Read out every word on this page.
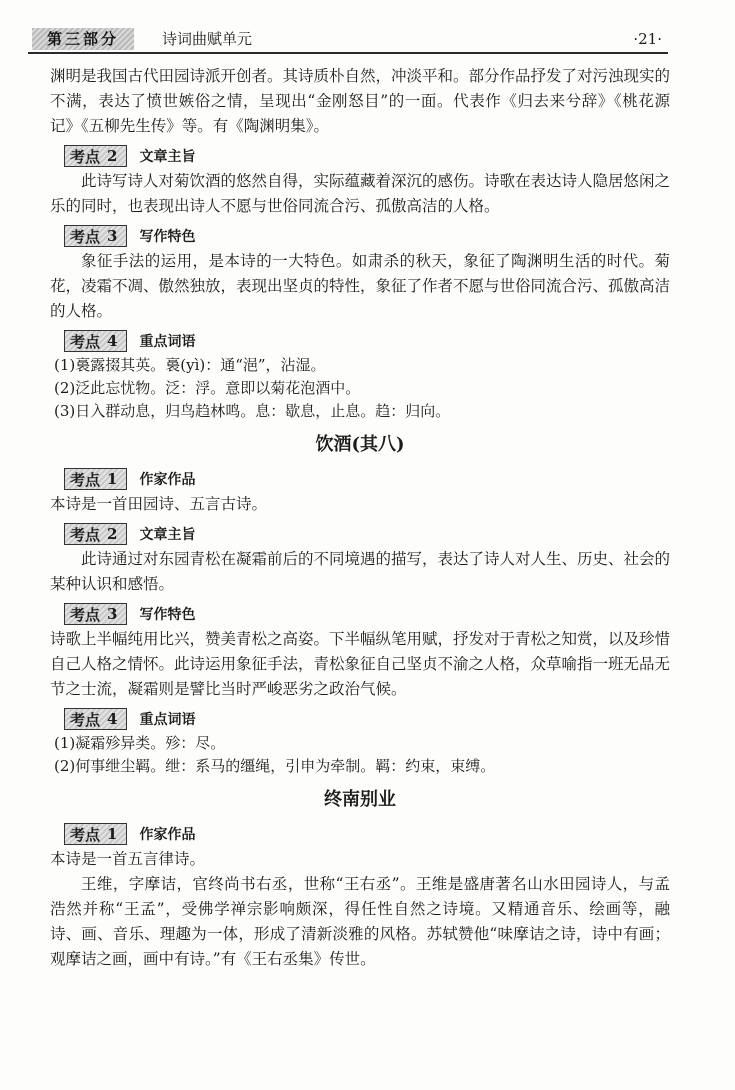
第三部分	诗词曲赋单元	·21·

渊明是我国古代田园诗派开创者。其诗质朴自然，冲淡平和。部分作品抒发了对污浊现实的不满，表达了愤世嫉俗之情，呈现出“金刚怒目”的一面。代表作《归去来兮辞》《桃花源记》《五柳先生传》等。有《陶渊明集》。

考点 2 文章主旨

此诗写诗人对菊饮酒的悠然自得，实际蕴藏着深沉的感伤。诗歌在表达诗人隐居悠闲之乐的同时，也表现出诗人不愿与世俗同流合污、孤傲高洁的人格。

考点 3 写作特色

象征手法的运用，是本诗的一大特色。如肃杀的秋天，象征了陶渊明生活的时代。菊花，凌霜不凋、傲然独放，表现出坚贞的特性，象征了作者不愿与世俗同流合污、孤傲高洁的人格。

考点 4 重点词语

(1)裛露掇其英。裛(yì)：通“浥”，沾湿。

(2)泛此忘忧物。泛：浮。意即以菊花泡酒中。

(3)日入群动息，归鸟趋林鸣。息：歇息，止息。趋：归向。

饮酒(其八)
考点 1 作家作品

本诗是一首田园诗、五言古诗。

考点 2 文章主旨

此诗通过对东园青松在凝霜前后的不同境遇的描写，表达了诗人对人生、历史、社会的某种认识和感悟。

考点 3 写作特色

诗歌上半幅纯用比兴，赞美青松之高姿。下半幅纵笔用赋，抒发对于青松之知赏，以及珍惜自己人格之情怀。此诗运用象征手法，青松象征自己坚贞不渝之人格，众草喻指一班无品无节之士流，凝霜则是譬比当时严峻恶劣之政治气候。

考点 4 重点词语

(1)凝霜殄异类。殄：尽。

(2)何事绁尘羁。绁：系马的缰绳，引申为牵制。羁：约束，束缚。

终南别业
考点 1 作家作品

本诗是一首五言律诗。

王维，字摩诘，官终尚书右丞，世称“王右丞”。王维是盛唐著名山水田园诗人，与孟浩然并称“王孟”，受佛学禅宗影响颇深，得任性自然之诗境。又精通音乐、绘画等，融诗、画、音乐、理趣为一体，形成了清新淡雅的风格。苏轼赞他“味摩诘之诗，诗中有画；观摩诘之画，画中有诗。”有《王右丞集》传世。
